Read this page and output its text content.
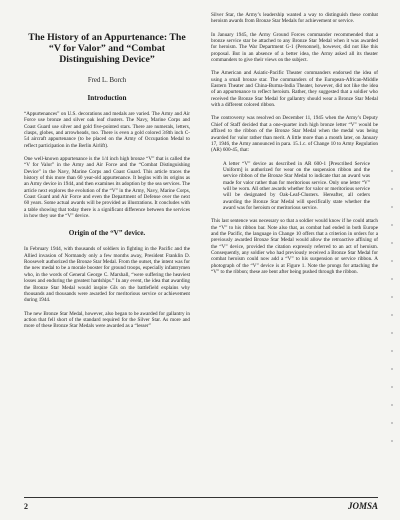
The History of an Appurtenance: The “V for Valor” and “Combat Distinguishing Device”
Fred L. Borch
Introduction

“Appurtenances” on U.S. decorations and medals are varied. The Army and Air Force use bronze and silver oak leaf clusters. The Navy, Marine Corps and Coast Guard use silver and gold five-pointed stars. There are numerals, letters, clasps, globes, and arrowheads, too. There is even a gold colored 3/8th inch C-54 aircraft appurtenance (to be placed on the Army of Occupation Medal to reflect participation in the Berlin Airlift).

One well-known appurtenance is the 1/4 inch high bronze “V” that is called the “V for Valor” in the Army and Air Force and the “Combat Distinguishing Device” in the Navy, Marine Corps and Coast Guard. This article traces the history of this more than 60 year-old appurtenance. It begins with its origins as an Army device in 1944, and then examines its adoption by the sea services. The article next explores the evolution of the “V” in the Army, Navy, Marine Corps, Coast Guard and Air Force and even the Department of Defense over the next 60 years. Some actual awards will be provided as illustrations. It concludes with a table showing that today there is a significant difference between the services in how they use the “V” device.

Origin of the “V” device.

In February 1944, with thousands of soldiers in fighting in the Pacific and the Allied invasion of Normandy only a few months away, President Franklin D. Roosevelt authorized the Bronze Star Medal. From the outset, the intent was for the new medal to be a morale booster for ground troops, especially infantrymen who, in the words of General George C. Marshall, “were suffering the heaviest losses and enduring the greatest hardships.” In any event, the idea that awarding the Bronze Star Medal would inspire GIs on the battlefield explains why thousands and thousands were awarded for meritorious service or achievement during 1944.

The new Bronze Star Medal, however, also began to be awarded for gallantry in action that fell short of the standard required for the Silver Star. As more and more of these Bronze Star Medals were awarded as a “lesser”

Silver Star, the Army’s leadership wanted a way to distinguish these combat heroism awards from Bronze Star Medals for achievement or service.

In January 1945, the Army Ground Forces commander recommended that a bronze service star be attached to any Bronze Star Medal when it was awarded for heroism. The War Department G-1 (Personnel), however, did not like this proposal. But in an absence of a better idea, the Army asked all its theater commanders to give their views on the subject.

The American and Asiatic-Pacific Theater commanders endorsed the idea of using a small bronze star. The commanders of the European-African-Middle Eastern Theater and China-Burma-India Theater, however, did not like the idea of an appurtenance to reflect heroism. Rather, they suggested that a soldier who received the Bronze Star Medal for gallantry should wear a Bronze Star Medal with a different colored ribbon.

The controversy was resolved on December 11, 1945 when the Army’s Deputy Chief of Staff decided that a one-quarter inch high bronze letter “V” would be affixed to the ribbon of the Bronze Star Medal when the medal was being awarded for valor rather than merit. A little more than a month later, on January 17, 1946, the Army announced in para. 15.1.c. of Change 10 to Army Regulation (AR) 600-45, that:

A letter “V” device as described in AR 600-1 [Prescribed Service Uniform] is authorized for wear on the suspension ribbon and the service ribbon of the Bronze Star Medal to indicate that an award was made for valor rather than for meritorious service. Only one letter “V” will be worn. All other awards whether for valor or meritorious service will be designated by Oak-Leaf-Clusters. Hereafter, all orders awarding the Bronze Star Medal will specifically state whether the award was for heroism or meritorious service.

This last sentence was necessary so that a soldier would know if he could attach the “V” to his ribbon bar. Note also that, as combat had ended in both Europe and the Pacific, the language in Change 10 offers that a criterion in orders for a previously awarded Bronze Star Medal would allow the retroactive affixing of the “V” device, provided the citation expressly referred to an act of heroism. Consequently, any soldier who had previously received a Bronze Star Medal for combat heroism could now add a “V” to his suspension or service ribbon. A photograph of the “V” device is at Figure 1. Note the prongs for attaching the “V” to the ribbon; these are bent after being pushed through the ribbon.

2	JOMSA
